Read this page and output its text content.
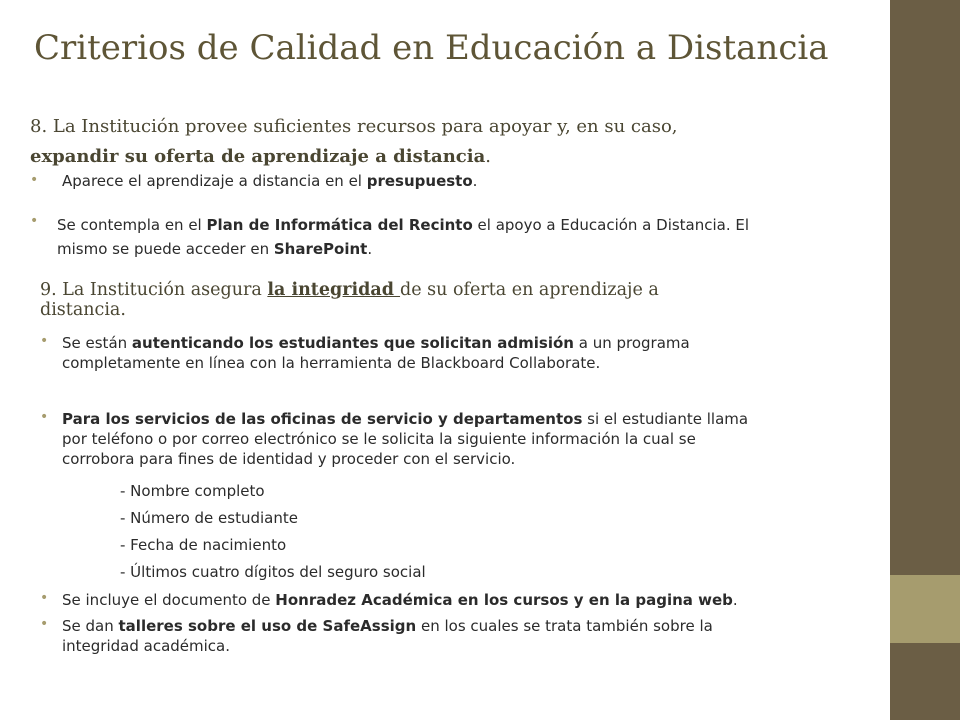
Criterios de Calidad en Educación a Distancia
8. La Institución provee suficientes recursos para apoyar y, en su caso,
expandir su oferta de aprendizaje a distancia.
• Aparece el aprendizaje a distancia en el presupuesto.
• Se contempla en el Plan de Informática del Recinto el apoyo a Educación a Distancia. El
mismo se puede acceder en SharePoint.
9. La Institución asegura la integridad de su oferta en aprendizaje a
distancia.
• Se están autenticando los estudiantes que solicitan admisión a un programa
completamente en línea con la herramienta de Blackboard Collaborate.
• Para los servicios de las oficinas de servicio y departamentos si el estudiante llama
por teléfono o por correo electrónico se le solicita la siguiente información la cual se
corrobora para fines de identidad y proceder con el servicio.
- Nombre completo
- Número de estudiante
- Fecha de nacimiento
- Últimos cuatro dígitos del seguro social
• Se incluye el documento de Honradez Académica en los cursos y en la pagina web.
• Se dan talleres sobre el uso de SafeAssign en los cuales se trata también sobre la
integridad académica.
